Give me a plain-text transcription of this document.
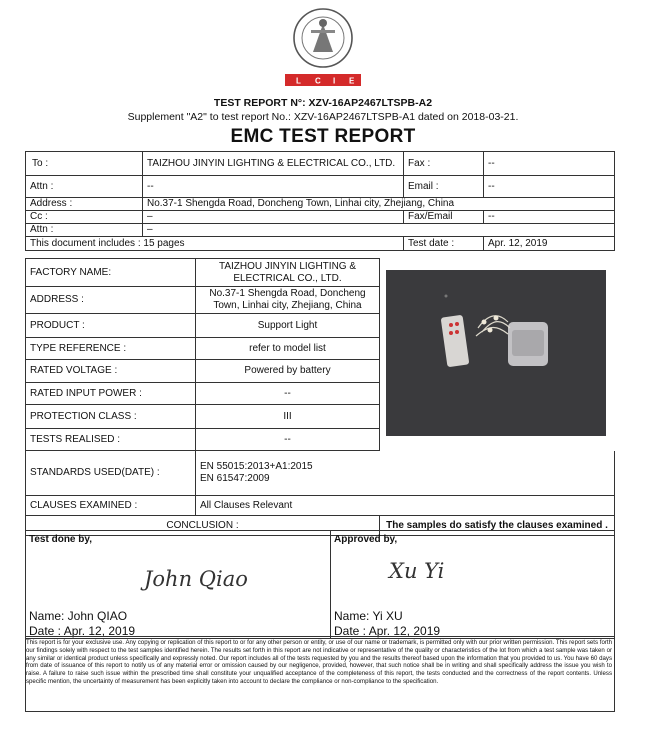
L C I E
TEST REPORT N°: XZV-16AP2467LTSPB-A2
Supplement "A2" to test report No.: XZV-16AP2467LTSPB-A1 dated on 2018-03-21.
EMC TEST REPORT
To :	TAIZHOU JINYIN LIGHTING & ELECTRICAL CO., LTD.	Fax :	--
Attn :	--	Email :	--
Address :	No.37-1 Shengda Road, Doncheng Town, Linhai city, Zhejiang, China		
Cc :	–	Fax/Email	--
Attn :	–		
This document includes : 15 pages		Test date :	Apr. 12, 2019
FACTORY NAME:	TAIZHOU JINYIN LIGHTING & ELECTRICAL CO., LTD.	
ADDRESS :	No.37-1 Shengda Road, Doncheng Town, Linhai city, Zhejiang, China	
PRODUCT :	Support Light	
TYPE REFERENCE :	refer to model list	
RATED VOLTAGE :	Powered by battery	
RATED INPUT POWER :	--	
PROTECTION CLASS :	III	
TESTS REALISED :	--	
STANDARDS USED(DATE) :	EN 55015:2013+A1:2015
EN 61547:2009	

CLAUSES EXAMINED :	All Clauses Relevant	
CONCLUSION :		The samples do satisfy the clauses examined .
Test done by,
John Qiao
Name: John QIAO
Date : Apr. 12, 2019

Approved by,
Xu Yi
Name: Yi XU
Date : Apr. 12, 2019
This report is for your exclusive use. Any copying or replication of this report to or for any other person or entity, or use of our name or trademark, is permitted only with our prior written permission. This report sets forth our findings solely with respect to the test samples identified herein. The results set forth in this report are not indicative or representative of the quality or characteristics of the lot from which a test sample was taken or any similar or identical product unless specifically and expressly noted. Our report includes all of the tests requested by you and the results thereof based upon the information that you provided to us. You have 60 days from date of issuance of this report to notify us of any material error or omission caused by our negligence, provided, however, that such notice shall be in writing and shall specifically address the issue you wish to raise. A failure to raise such issue within the prescribed time shall constitute your unqualified acceptance of the completeness of this report, the tests conducted and the correctness of the report contents. Unless specific mention, the uncertainty of measurement has been explicitly taken into account to declare the compliance or non-compliance to the specification.
